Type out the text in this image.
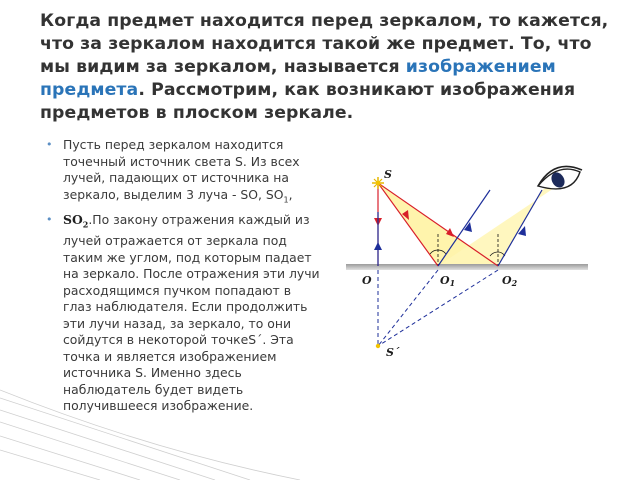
Когда предмет находится перед зеркалом, то кажется, что за зеркалом находится такой же предмет. То, что мы видим за зеркалом, называется изображением предмета. Рассмотрим, как возникают изображения предметов в плоском зеркале.
• Пусть перед зеркалом находится точечный источник света S. Из всех лучей, падающих от источника на зеркало, выделим 3 луча - SO, $SO_1$,
• $SO_2.По$ закону отражения каждый из лучей отражается от зеркала под таким же углом, под которым падает на зеркало. После отражения эти лучи расходящимся пучком попадают в глаз наблюдателя. Если продолжить эти лучи назад, за зеркало, то они сойдутся в некоторой точкеS΄. Эта точка и является изображением источника S. Именно здесь наблюдатель будет видеть получившееся изображение.
S
S΄
O	O1	O2
